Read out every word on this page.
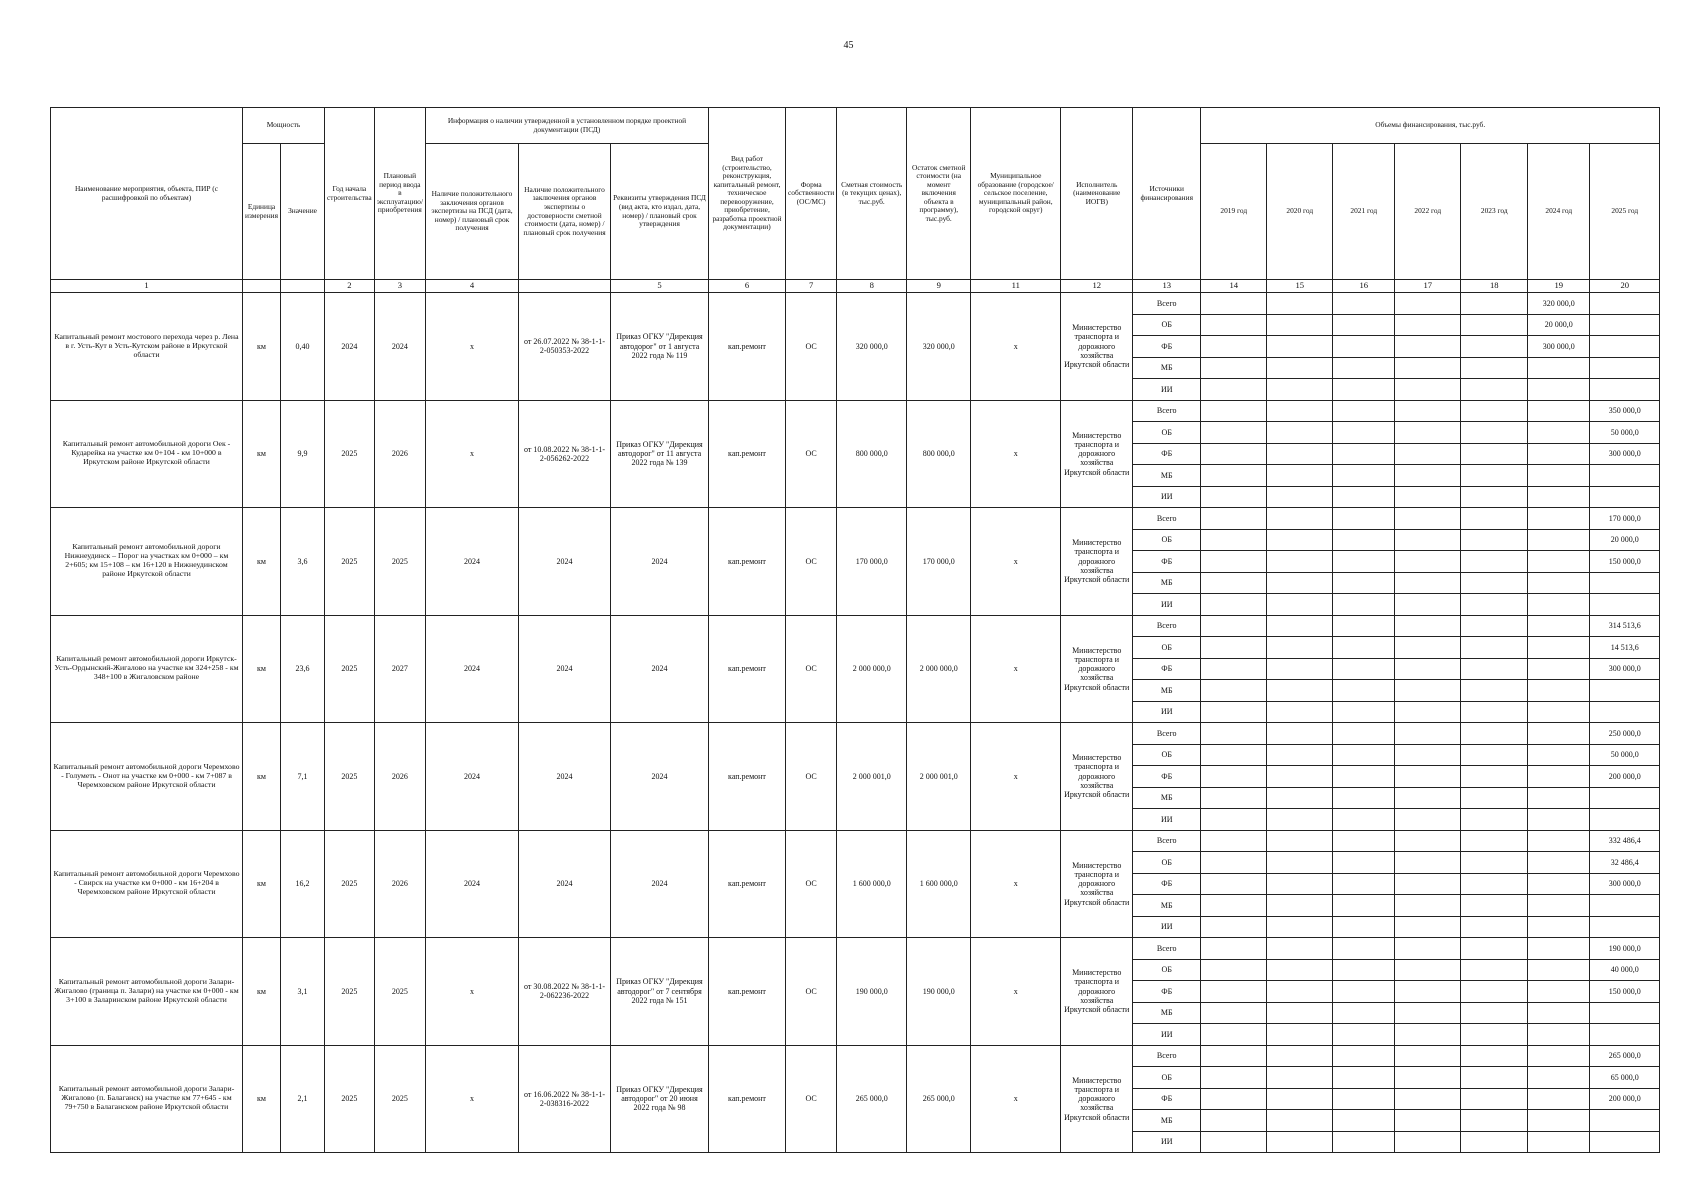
45
Наименование мероприятия, объекта, ПИР (с расшифровкой по объектам)	Мощность		Год начала строительства	Плановый период ввода в эксплуатацию/приобретения	Информация о наличии утвержденной в установленном порядке проектной документации (ПСД)			Вид работ (строительство, реконструкция, капитальный ремонт, техническое перевооружение, приобретение, разработка проектной документации)	Форма собственности (ОС/МС)	Сметная стоимость (в текущих ценах), тыс.руб.	Остаток сметной стоимости (на момент включения объекта в программу), тыс.руб.	Муниципальное образование (городское/сельское поселение, муниципальный район, городской округ)	Исполнитель (наименование ИОГВ)	Источники финансирования	Объемы финансирования, тыс.руб.						
	Единица измерения	Значение			Наличие положительного заключения органов экспертизы на ПСД (дата, номер) / плановый срок получения	Наличие положительного заключения органов экспертизы о достоверности сметной стоимости (дата, номер) / плановый срок получения	Реквизиты утверждения ПСД (вид акта, кто издал, дата, номер) / плановый срок утверждения								2019 год	2020 год	2021 год	2022 год	2023 год	2024 год	2025 год
1			2	3	4		5	6	7	8	9	11	12	13	14	15	16	17	18	19	20
Капитальный ремонт мостового перехода через р. Лена в г. Усть-Кут в Усть-Кутском районе в Иркутской области	км	0,40	2024	2024	х	от 26.07.2022 № 38-1-1-2-050353-2022	Приказ ОГКУ "Дирекция автодорог" от 1 августа 2022 года № 119	кап.ремонт	ОС	320 000,0	320 000,0	х	Министерство транспорта и дорожного хозяйства Иркутской области	Всего						320 000,0	
														ОБ						20 000,0	
														ФБ						300 000,0	
														МБ							
														ИИ							
Капитальный ремонт автомобильной дороги Оек - Кударейка на участке км 0+104 - км 10+000 в Иркутском районе Иркутской области	км	9,9	2025	2026	х	от 10.08.2022 № 38-1-1-2-056262-2022	Приказ ОГКУ "Дирекция автодорог" от 11 августа 2022 года № 139	кап.ремонт	ОС	800 000,0	800 000,0	х	Министерство транспорта и дорожного хозяйства Иркутской области	Всего							350 000,0
														ОБ							50 000,0
														ФБ							300 000,0
														МБ							
														ИИ							
Капитальный ремонт автомобильной дороги Нижнеудинск – Порог на участках км 0+000 – км 2+605; км 15+108 – км 16+120 в Нижнеудинском районе Иркутской области	км	3,6	2025	2025	2024	2024	2024	кап.ремонт	ОС	170 000,0	170 000,0	х	Министерство транспорта и дорожного хозяйства Иркутской области	Всего							170 000,0
														ОБ							20 000,0
														ФБ							150 000,0
														МБ							
														ИИ							
Капитальный ремонт автомобильной дороги Иркутск-Усть-Ордынский-Жигалово на участке км 324+258 - км 348+100 в Жигаловском районе	км	23,6	2025	2027	2024	2024	2024	кап.ремонт	ОС	2 000 000,0	2 000 000,0	х	Министерство транспорта и дорожного хозяйства Иркутской области	Всего							314 513,6
														ОБ							14 513,6
														ФБ							300 000,0
														МБ							
														ИИ							
Капитальный ремонт автомобильной дороги Черемхово - Голуметь - Онот на участке км 0+000 - км 7+087 в Черемховском районе Иркутской области	км	7,1	2025	2026	2024	2024	2024	кап.ремонт	ОС	2 000 001,0	2 000 001,0	х	Министерство транспорта и дорожного хозяйства Иркутской области	Всего							250 000,0
														ОБ							50 000,0
														ФБ							200 000,0
														МБ							
														ИИ							
Капитальный ремонт автомобильной дороги Черемхово - Свирск на участке км 0+000 - км 16+204 в Черемховском районе Иркутской области	км	16,2	2025	2026	2024	2024	2024	кап.ремонт	ОС	1 600 000,0	1 600 000,0	х	Министерство транспорта и дорожного хозяйства Иркутской области	Всего							332 486,4
														ОБ							32 486,4
														ФБ							300 000,0
														МБ							
														ИИ							
Капитальный ремонт автомобильной дороги Залари-Жигалово (граница п. Залари) на участке км 0+000 - км 3+100 в Заларинском районе Иркутской области	км	3,1	2025	2025	х	от 30.08.2022 № 38-1-1-2-062236-2022	Приказ ОГКУ "Дирекция автодорог" от 7 сентября 2022 года № 151	кап.ремонт	ОС	190 000,0	190 000,0	х	Министерство транспорта и дорожного хозяйства Иркутской области	Всего							190 000,0
														ОБ							40 000,0
														ФБ							150 000,0
														МБ							
														ИИ							
Капитальный ремонт автомобильной дороги Залари-Жигалово (п. Балаганск) на участке км 77+645 - км 79+750 в Балаганском районе Иркутской области	км	2,1	2025	2025	х	от 16.06.2022 № 38-1-1-2-038316-2022	Приказ ОГКУ "Дирекция автодорог" от 20 июня 2022 года № 98	кап.ремонт	ОС	265 000,0	265 000,0	х	Министерство транспорта и дорожного хозяйства Иркутской области	Всего							265 000,0
														ОБ							65 000,0
														ФБ							200 000,0
														МБ							
														ИИ							
